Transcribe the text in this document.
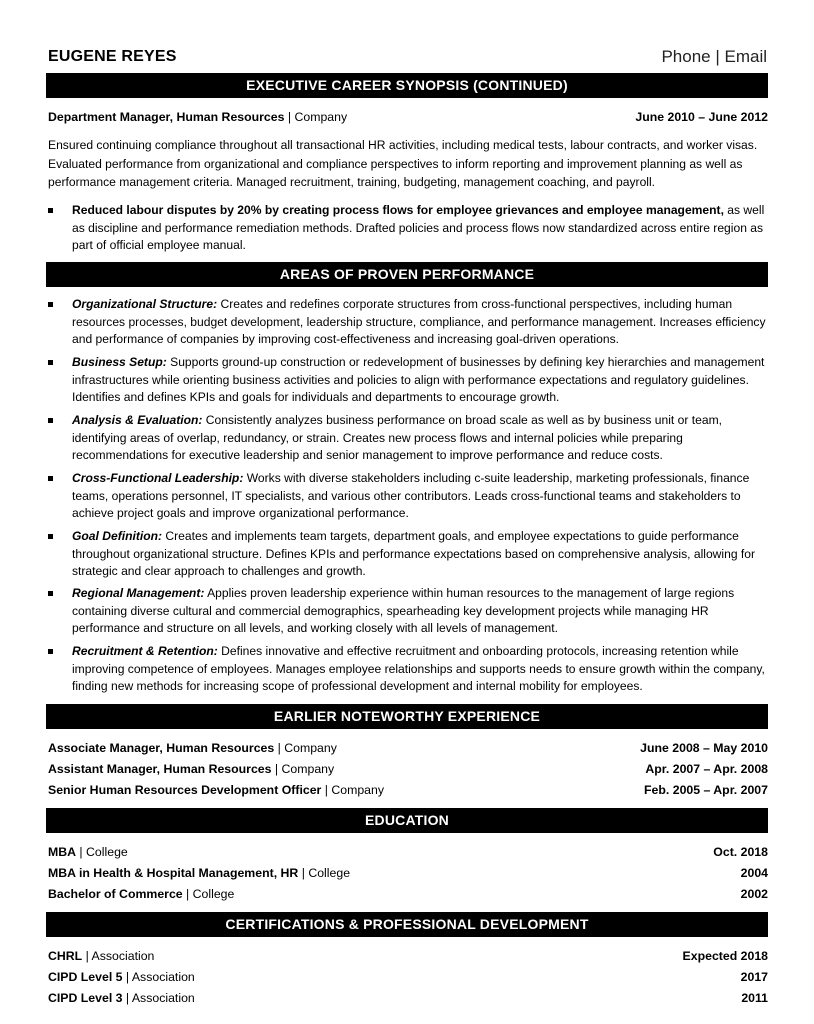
EUGENE REYES	Phone | Email
EXECUTIVE CAREER SYNOPSIS (CONTINUED)
Department Manager, Human Resources | Company	June 2010 – June 2012
Ensured continuing compliance throughout all transactional HR activities, including medical tests, labour contracts, and worker visas. Evaluated performance from organizational and compliance perspectives to inform reporting and improvement planning as well as performance management criteria. Managed recruitment, training, budgeting, management coaching, and payroll.
Reduced labour disputes by 20% by creating process flows for employee grievances and employee management, as well as discipline and performance remediation methods. Drafted policies and process flows now standardized across entire region as part of official employee manual.
AREAS OF PROVEN PERFORMANCE
Organizational Structure: Creates and redefines corporate structures from cross-functional perspectives, including human resources processes, budget development, leadership structure, compliance, and performance management. Increases efficiency and performance of companies by improving cost-effectiveness and increasing goal-driven operations.
Business Setup: Supports ground-up construction or redevelopment of businesses by defining key hierarchies and management infrastructures while orienting business activities and policies to align with performance expectations and regulatory guidelines. Identifies and defines KPIs and goals for individuals and departments to encourage growth.
Analysis & Evaluation: Consistently analyzes business performance on broad scale as well as by business unit or team, identifying areas of overlap, redundancy, or strain. Creates new process flows and internal policies while preparing recommendations for executive leadership and senior management to improve performance and reduce costs.
Cross-Functional Leadership: Works with diverse stakeholders including c-suite leadership, marketing professionals, finance teams, operations personnel, IT specialists, and various other contributors. Leads cross-functional teams and stakeholders to achieve project goals and improve organizational performance.
Goal Definition: Creates and implements team targets, department goals, and employee expectations to guide performance throughout organizational structure. Defines KPIs and performance expectations based on comprehensive analysis, allowing for strategic and clear approach to challenges and growth.
Regional Management: Applies proven leadership experience within human resources to the management of large regions containing diverse cultural and commercial demographics, spearheading key development projects while managing HR performance and structure on all levels, and working closely with all levels of management.
Recruitment & Retention: Defines innovative and effective recruitment and onboarding protocols, increasing retention while improving competence of employees. Manages employee relationships and supports needs to ensure growth within the company, finding new methods for increasing scope of professional development and internal mobility for employees.
EARLIER NOTEWORTHY EXPERIENCE
Associate Manager, Human Resources | Company	June 2008 – May 2010
Assistant Manager, Human Resources | Company	Apr. 2007 – Apr. 2008
Senior Human Resources Development Officer | Company	Feb. 2005 – Apr. 2007
EDUCATION
MBA | College	Oct. 2018
MBA in Health & Hospital Management, HR | College	2004
Bachelor of Commerce | College	2002
CERTIFICATIONS & PROFESSIONAL DEVELOPMENT
CHRL | Association	Expected 2018
CIPD Level 5 | Association	2017
CIPD Level 3 | Association	2011
